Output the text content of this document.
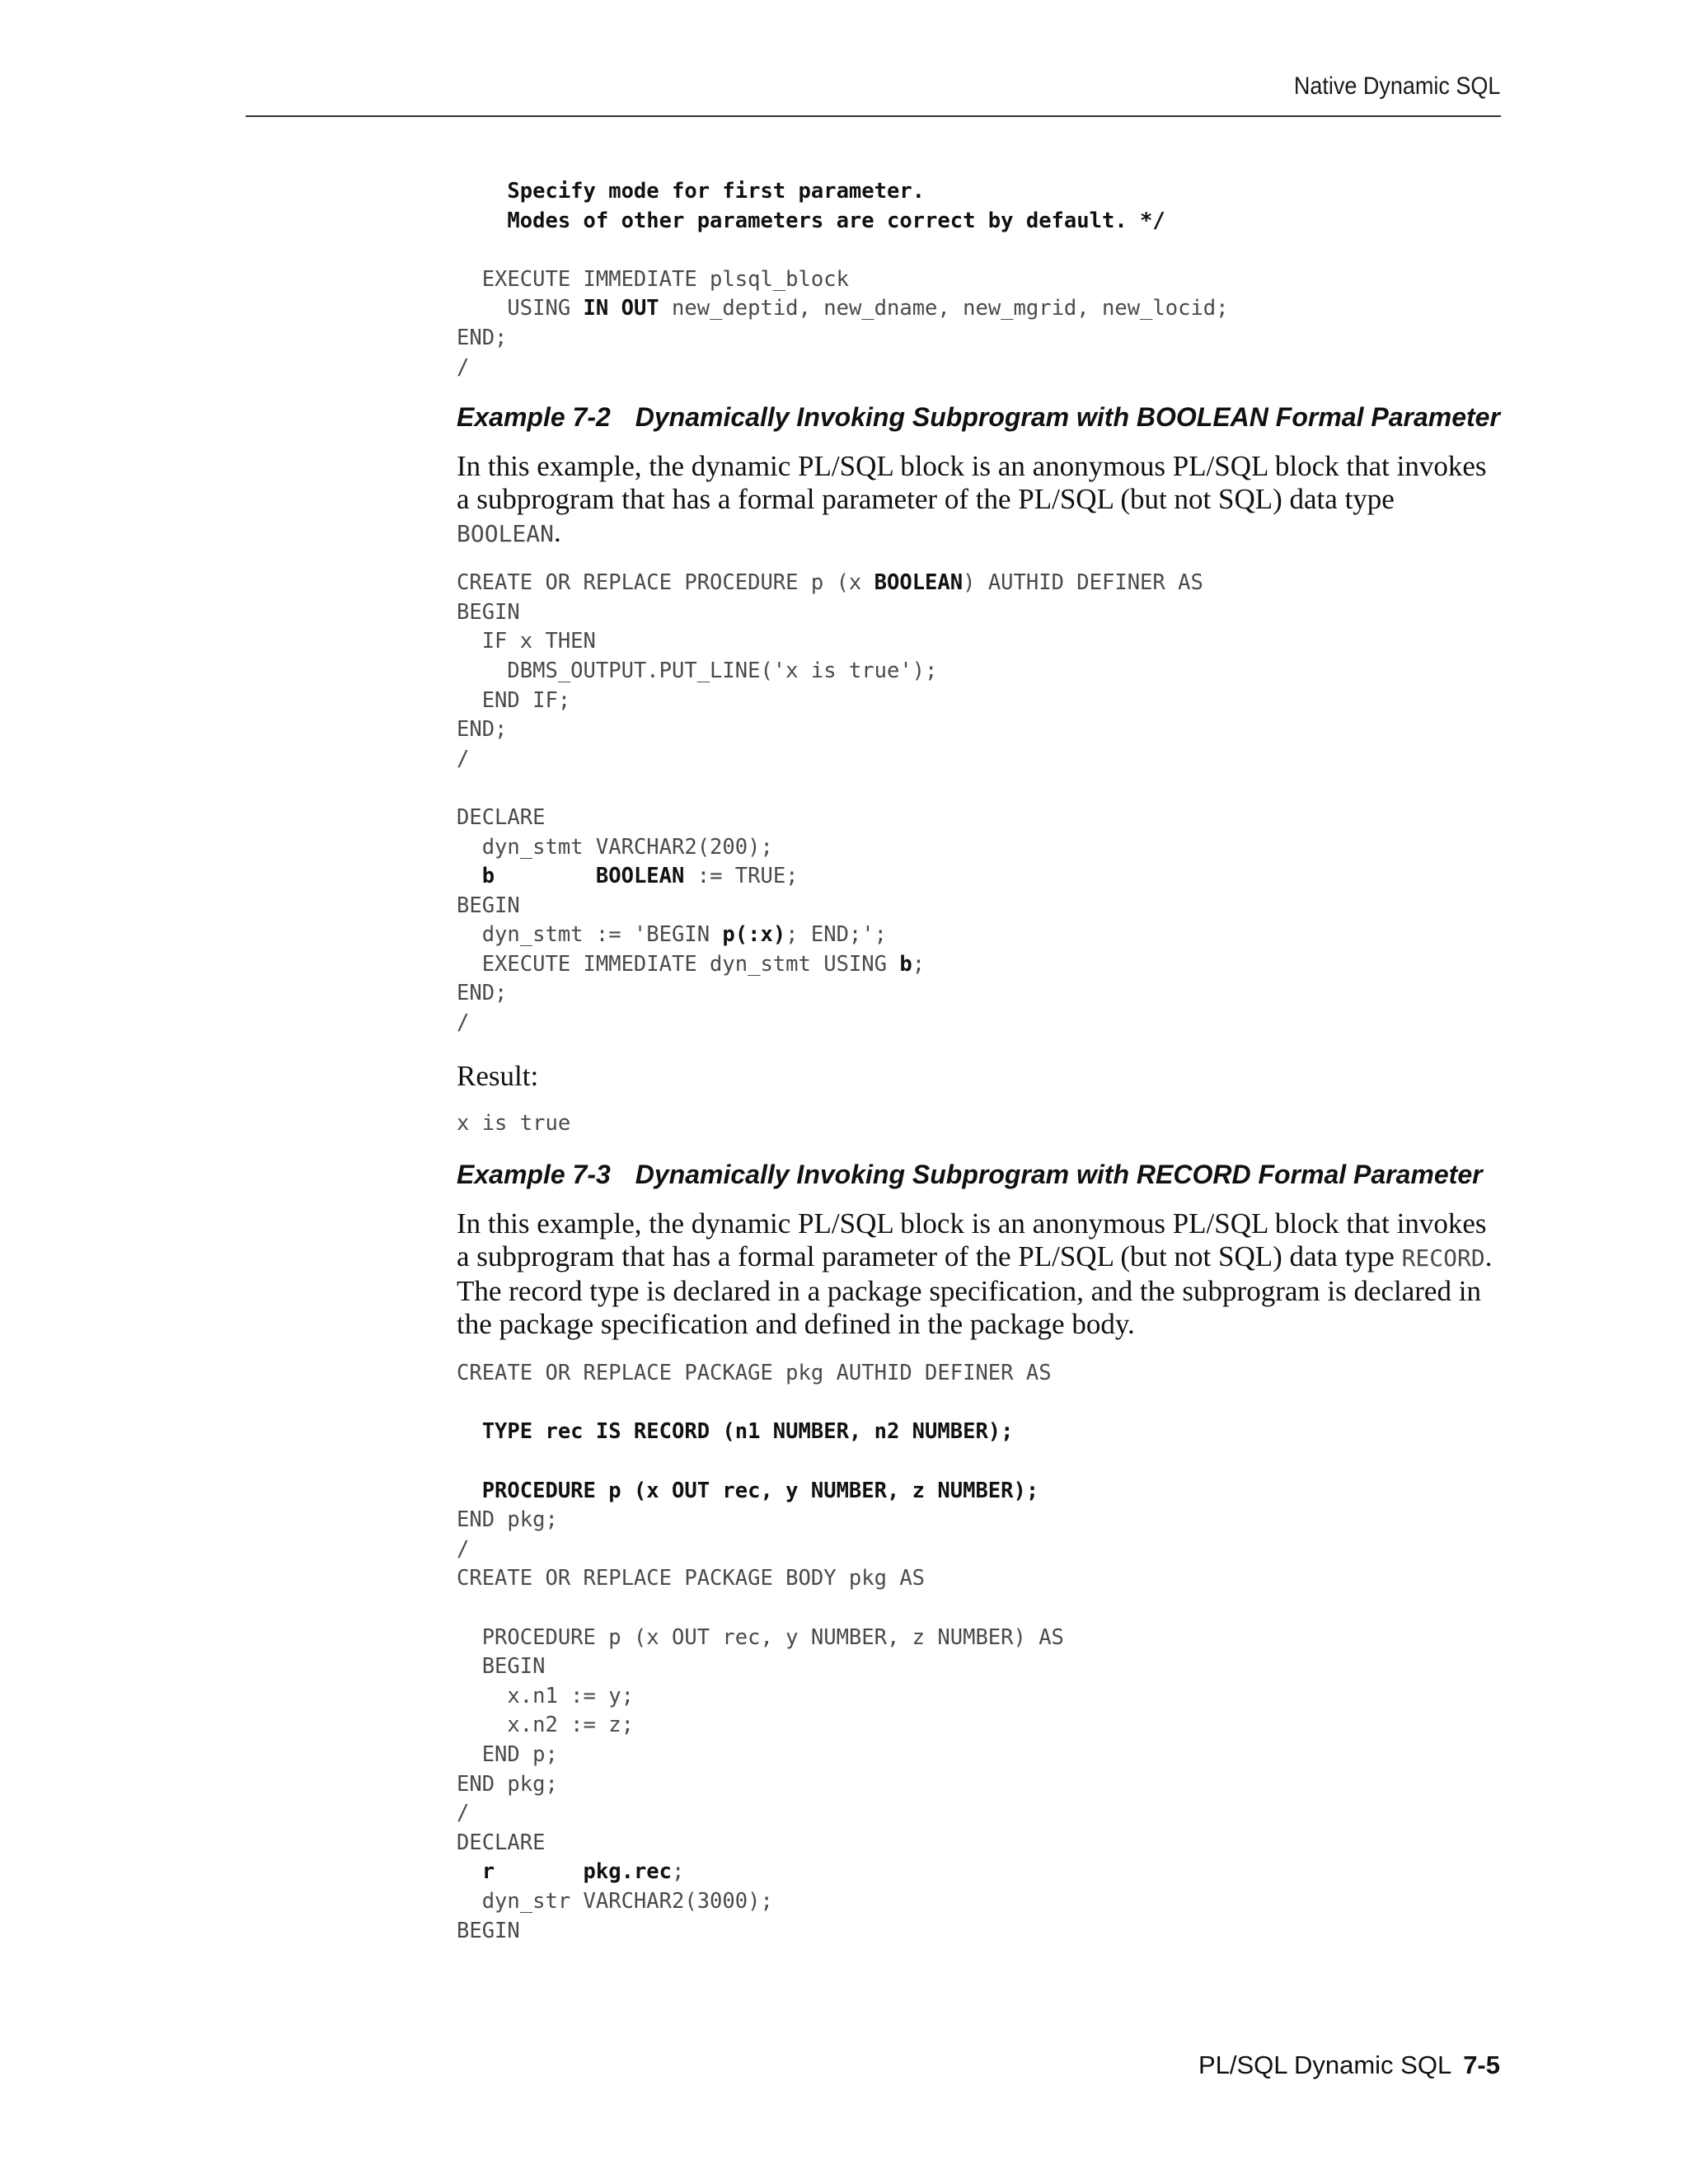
Native Dynamic SQL
Specify mode for first parameter.
Modes of other parameters are correct by default. */

EXECUTE IMMEDIATE plsql_block
USING IN OUT new_deptid, new_dname, new_mgrid, new_locid;
END;
/
Example 7-2 Dynamically Invoking Subprogram with BOOLEAN Formal Parameter

In this example, the dynamic PL/SQL block is an anonymous PL/SQL block that invokes a subprogram that has a formal parameter of the PL/SQL (but not SQL) data type BOOLEAN.

CREATE OR REPLACE PROCEDURE p (x BOOLEAN) AUTHID DEFINER AS
BEGIN
IF x THEN
DBMS_OUTPUT.PUT_LINE('x is true');
END IF;
END;
/

DECLARE
dyn_stmt VARCHAR2(200);
b	BOOLEAN := TRUE;
BEGIN
dyn_stmt := 'BEGIN p(:x); END;';
EXECUTE IMMEDIATE dyn_stmt USING b;
END;
/

Result:

x is true
Example 7-3 Dynamically Invoking Subprogram with RECORD Formal Parameter

In this example, the dynamic PL/SQL block is an anonymous PL/SQL block that invokes a subprogram that has a formal parameter of the PL/SQL (but not SQL) data type RECORD. The record type is declared in a package specification, and the subprogram is declared in the package specification and defined in the package body.

CREATE OR REPLACE PACKAGE pkg AUTHID DEFINER AS

TYPE rec IS RECORD (n1 NUMBER, n2 NUMBER);

PROCEDURE p (x OUT rec, y NUMBER, z NUMBER);
END pkg;
/
CREATE OR REPLACE PACKAGE BODY pkg AS

PROCEDURE p (x OUT rec, y NUMBER, z NUMBER) AS
BEGIN
x.n1 := y;
x.n2 := z;
END p;
END pkg;
/
DECLARE
r	pkg.rec;
dyn_str VARCHAR2(3000);
BEGIN
PL/SQL Dynamic SQL 7-5
